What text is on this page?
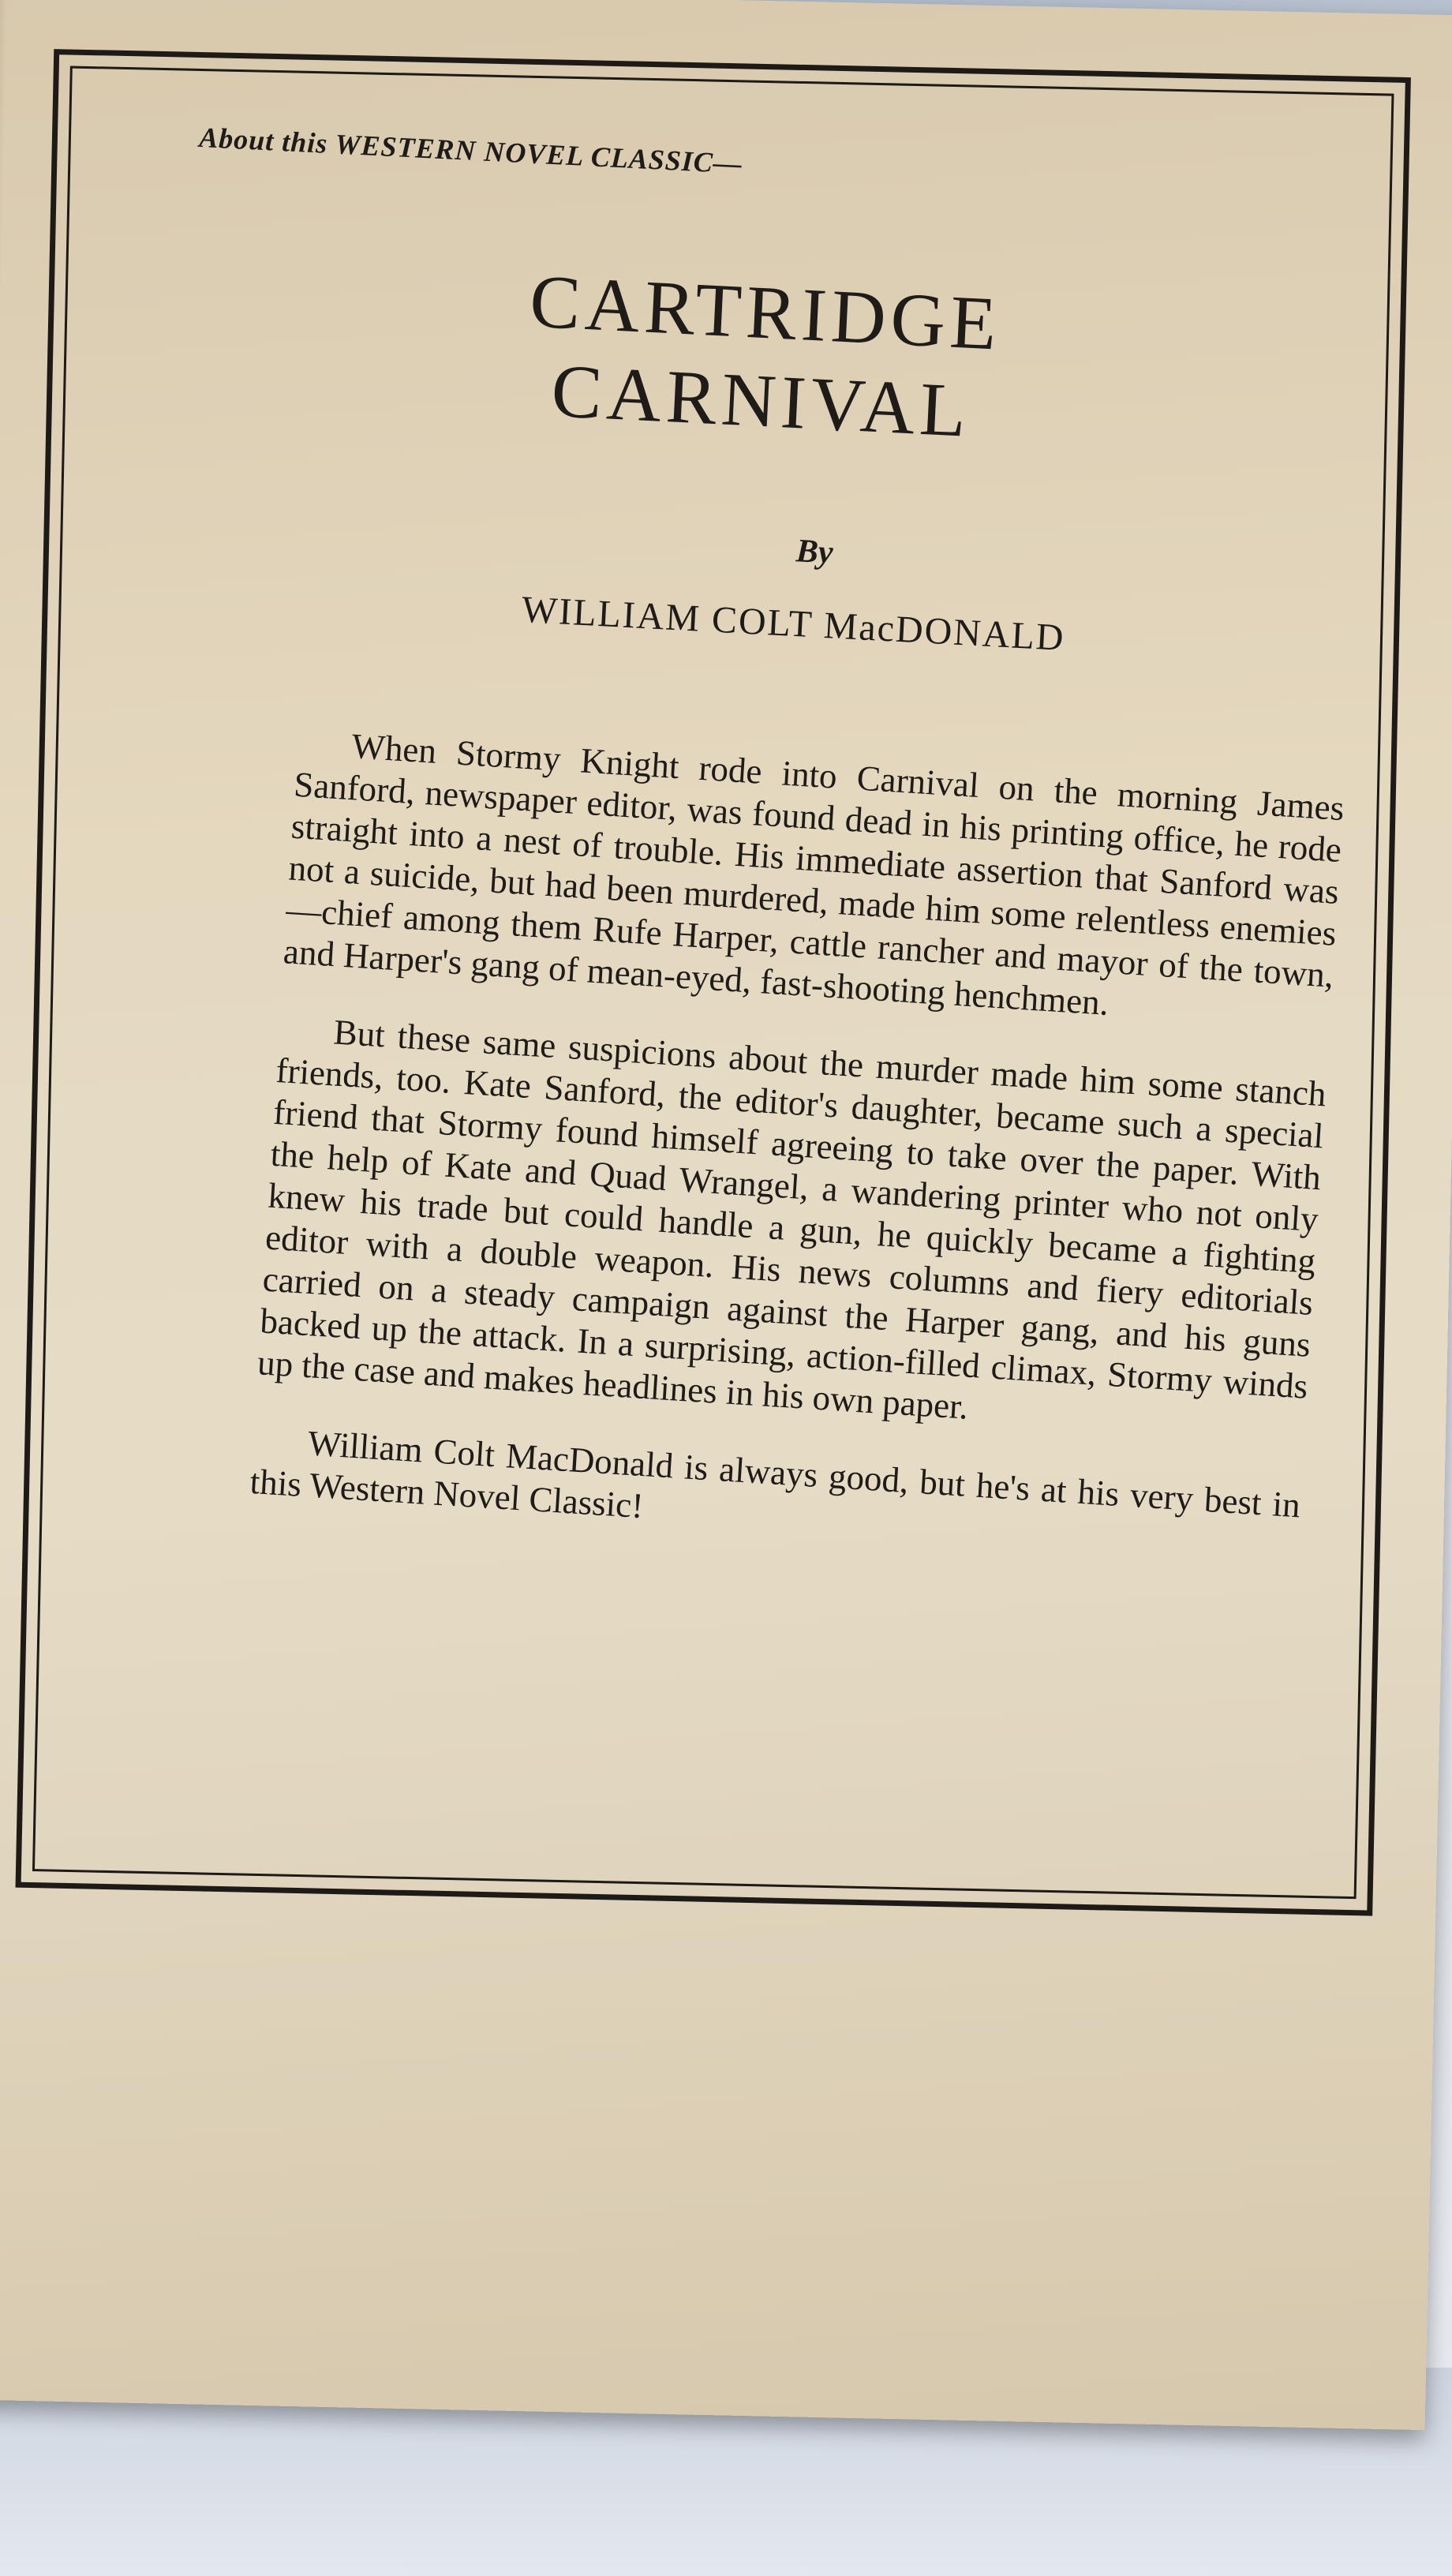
About this WESTERN NOVEL CLASSIC—
CARTRIDGE
CARNIVAL
By
WILLIAM COLT MacDONALD

When Stormy Knight rode into Carnival on the morning James Sanford, newspaper editor, was found dead in his printing office, he rode straight into a nest of trouble. His immediate assertion that Sanford was not a suicide, but had been murdered, made him some relentless enemies—chief among them Rufe Harper, cattle rancher and mayor of the town, and Harper's gang of mean-eyed, fast-shooting henchmen.

But these same suspicions about the murder made him some stanch friends, too. Kate Sanford, the editor's daughter, became such a special friend that Stormy found himself agreeing to take over the paper. With the help of Kate and Quad Wrangel, a wandering printer who not only knew his trade but could handle a gun, he quickly became a fighting editor with a double weapon. His news columns and fiery editorials carried on a steady campaign against the Harper gang, and his guns backed up the attack. In a surprising, action-filled climax, Stormy winds up the case and makes headlines in his own paper.

William Colt MacDonald is always good, but he's at his very best in this Western Novel Classic!
